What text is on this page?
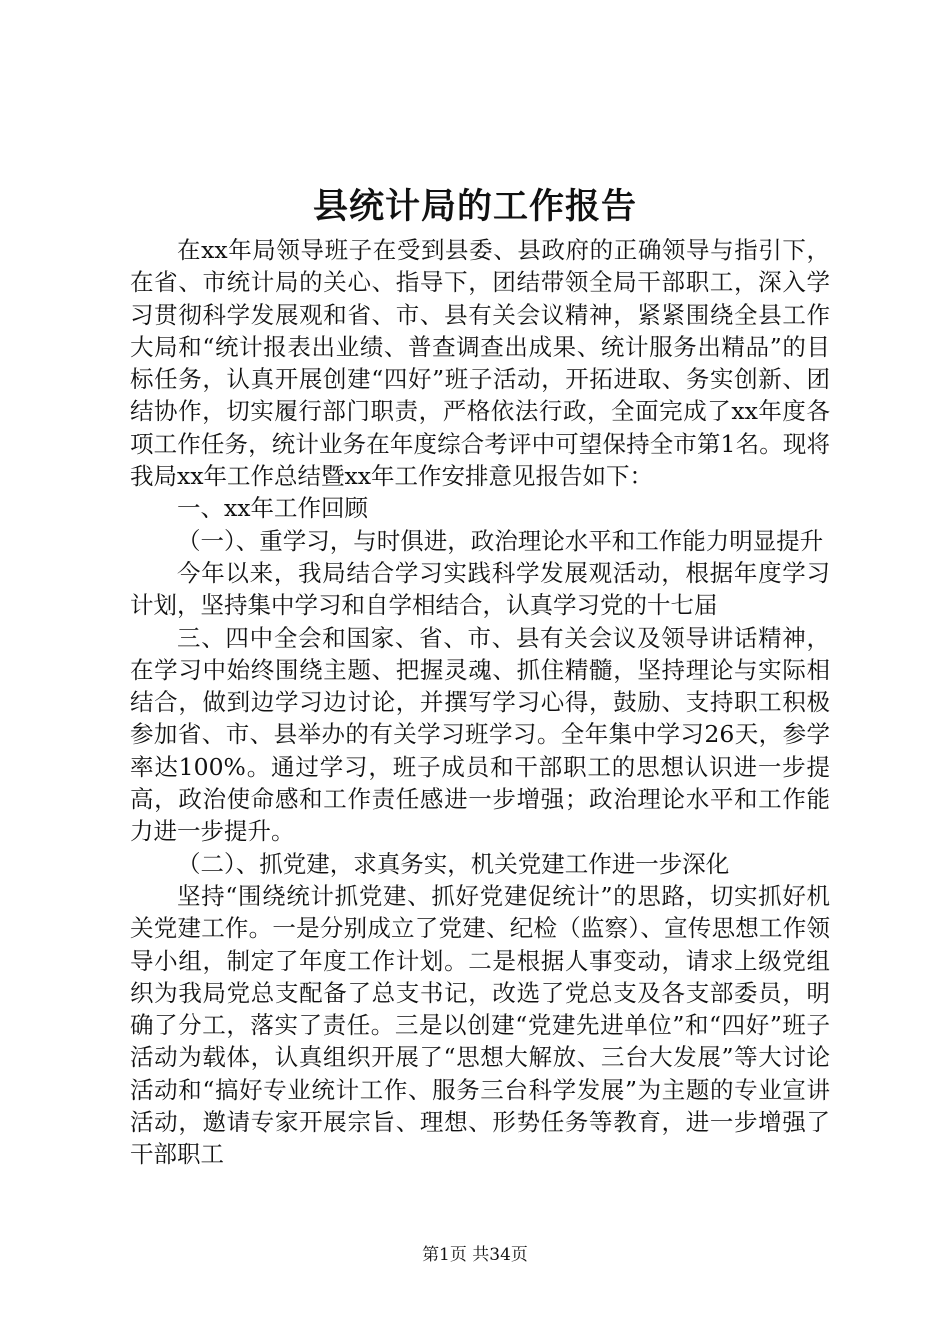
县统计局的工作报告

在xx年局领导班子在受到县委、县政府的正确领导与指引下，在省、市统计局的关心、指导下，团结带领全局干部职工，深入学习贯彻科学发展观和省、市、县有关会议精神，紧紧围绕全县工作大局和“统计报表出业绩、普查调查出成果、统计服务出精品”的目标任务，认真开展创建“四好”班子活动，开拓进取、务实创新、团结协作，切实履行部门职责，严格依法行政，全面完成了xx年度各项工作任务，统计业务在年度综合考评中可望保持全市第1名。现将我局xx年工作总结暨xx年工作安排意见报告如下：

一、xx年工作回顾

（一）、重学习，与时俱进，政治理论水平和工作能力明显提升

今年以来，我局结合学习实践科学发展观活动，根据年度学习计划，坚持集中学习和自学相结合，认真学习党的十七届

三、四中全会和国家、省、市、县有关会议及领导讲话精神，在学习中始终围绕主题、把握灵魂、抓住精髓，坚持理论与实际相结合，做到边学习边讨论，并撰写学习心得，鼓励、支持职工积极参加省、市、县举办的有关学习班学习。全年集中学习26天，参学率达100%。通过学习，班子成员和干部职工的思想认识进一步提高，政治使命感和工作责任感进一步增强；政治理论水平和工作能力进一步提升。

（二）、抓党建，求真务实，机关党建工作进一步深化

坚持“围绕统计抓党建、抓好党建促统计”的思路，切实抓好机关党建工作。一是分别成立了党建、纪检（监察）、宣传思想工作领导小组，制定了年度工作计划。二是根据人事变动，请求上级党组织为我局党总支配备了总支书记，改选了党总支及各支部委员，明确了分工，落实了责任。三是以创建“党建先进单位”和“四好”班子活动为载体，认真组织开展了“思想大解放、三台大发展”等大讨论活动和“搞好专业统计工作、服务三台科学发展”为主题的专业宣讲活动，邀请专家开展宗旨、理想、形势任务等教育，进一步增强了干部职工

第1页 共34页
